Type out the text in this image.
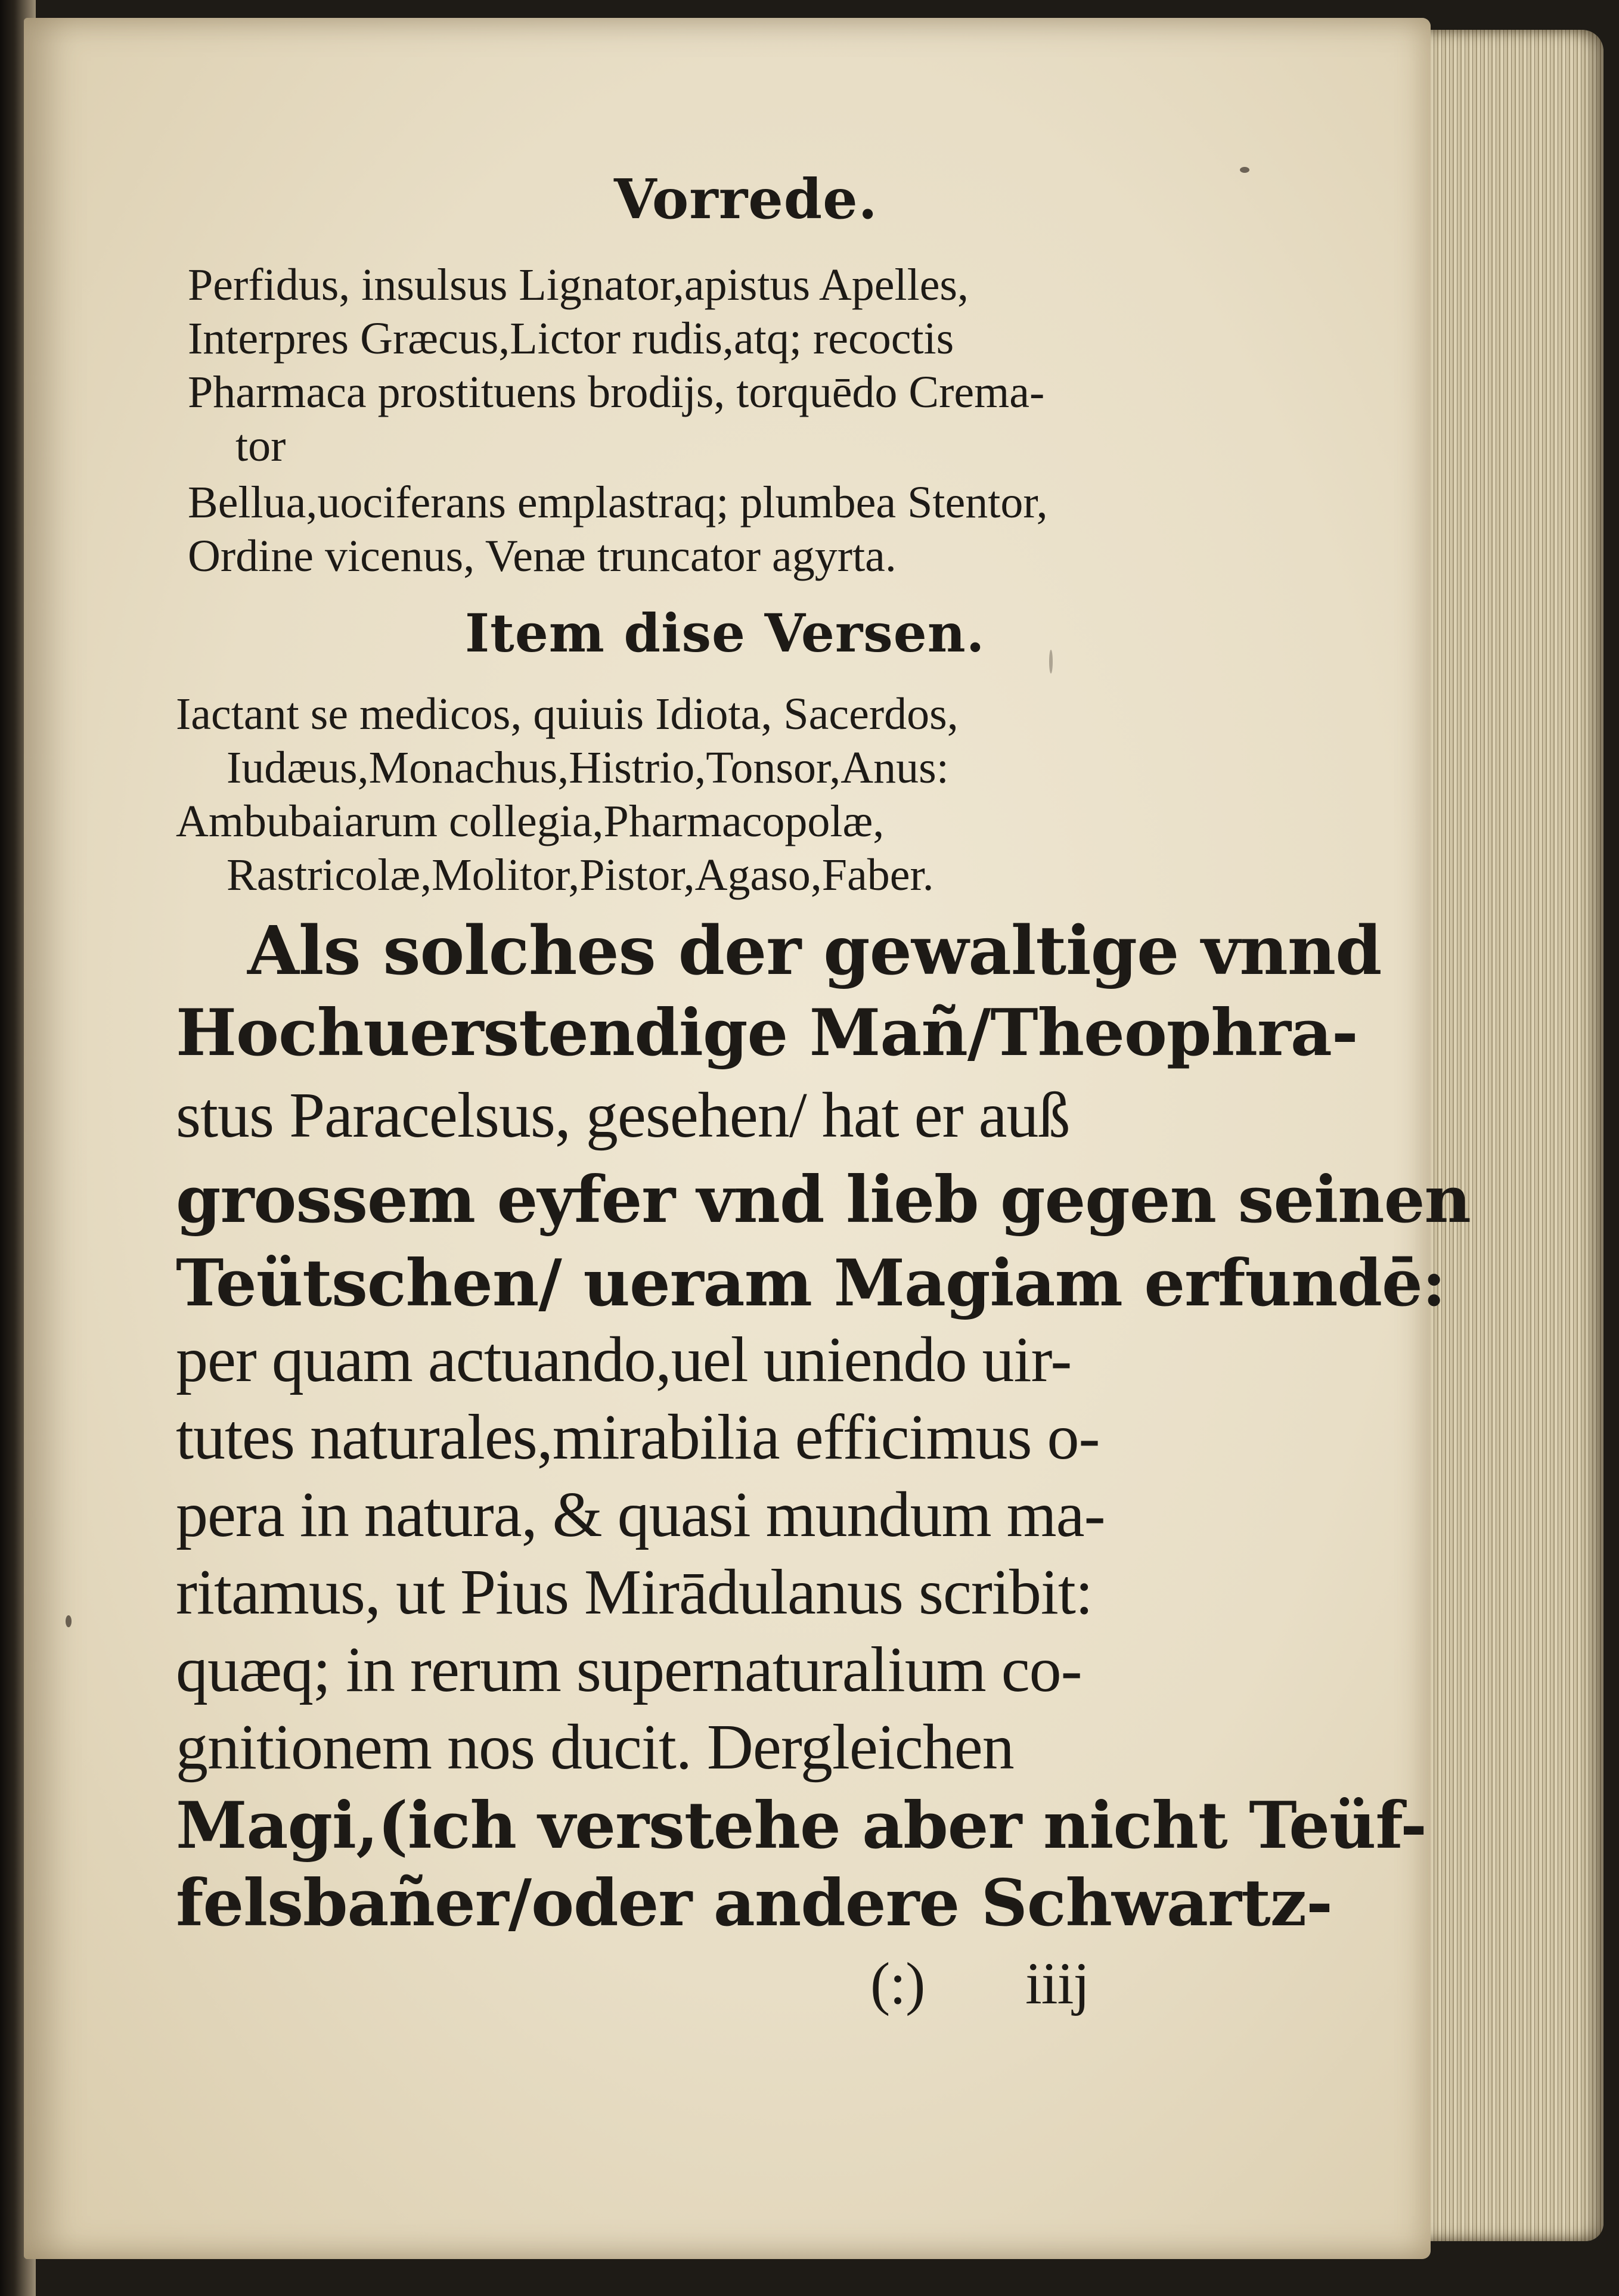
Vorrede.

Perfidus, insulsus Lignator,apistus Apelles,

Interpres Græcus,Lictor rudis,atq; recoctis

Pharmaca prostituens brodijs, torquēdo Crema-

tor

Bellua,uociferans emplastraq; plumbea Stentor,

Ordine vicenus, Venæ truncator agyrta.

Item dise Versen.

Iactant se medicos, quiuis Idiota, Sacerdos,

Iudæus,Monachus,Histrio,Tonsor,Anus:

Ambubaiarum collegia,Pharmacopolæ,

Rastricolæ,Molitor,Pistor,Agaso,Faber.

Als solches der gewaltige vnnd

Hochuerstendige Mañ/Theophra-

stus Paracelsus, gesehen/ hat er auß

grossem eyfer vnd lieb gegen seinen

Teütschen/ ueram Magiam erfundē:

per quam actuando,uel uniendo uir-

tutes naturales,mirabilia efficimus o-

pera in natura, & quasi mundum ma-

ritamus, ut Pius Mirādulanus scribit:

quæq; in rerum supernaturalium co-

gnitionem nos ducit. Dergleichen

Magi,(ich verstehe aber nicht Teüf-

felsbañer/oder andere Schwartz-

(:) iiij
